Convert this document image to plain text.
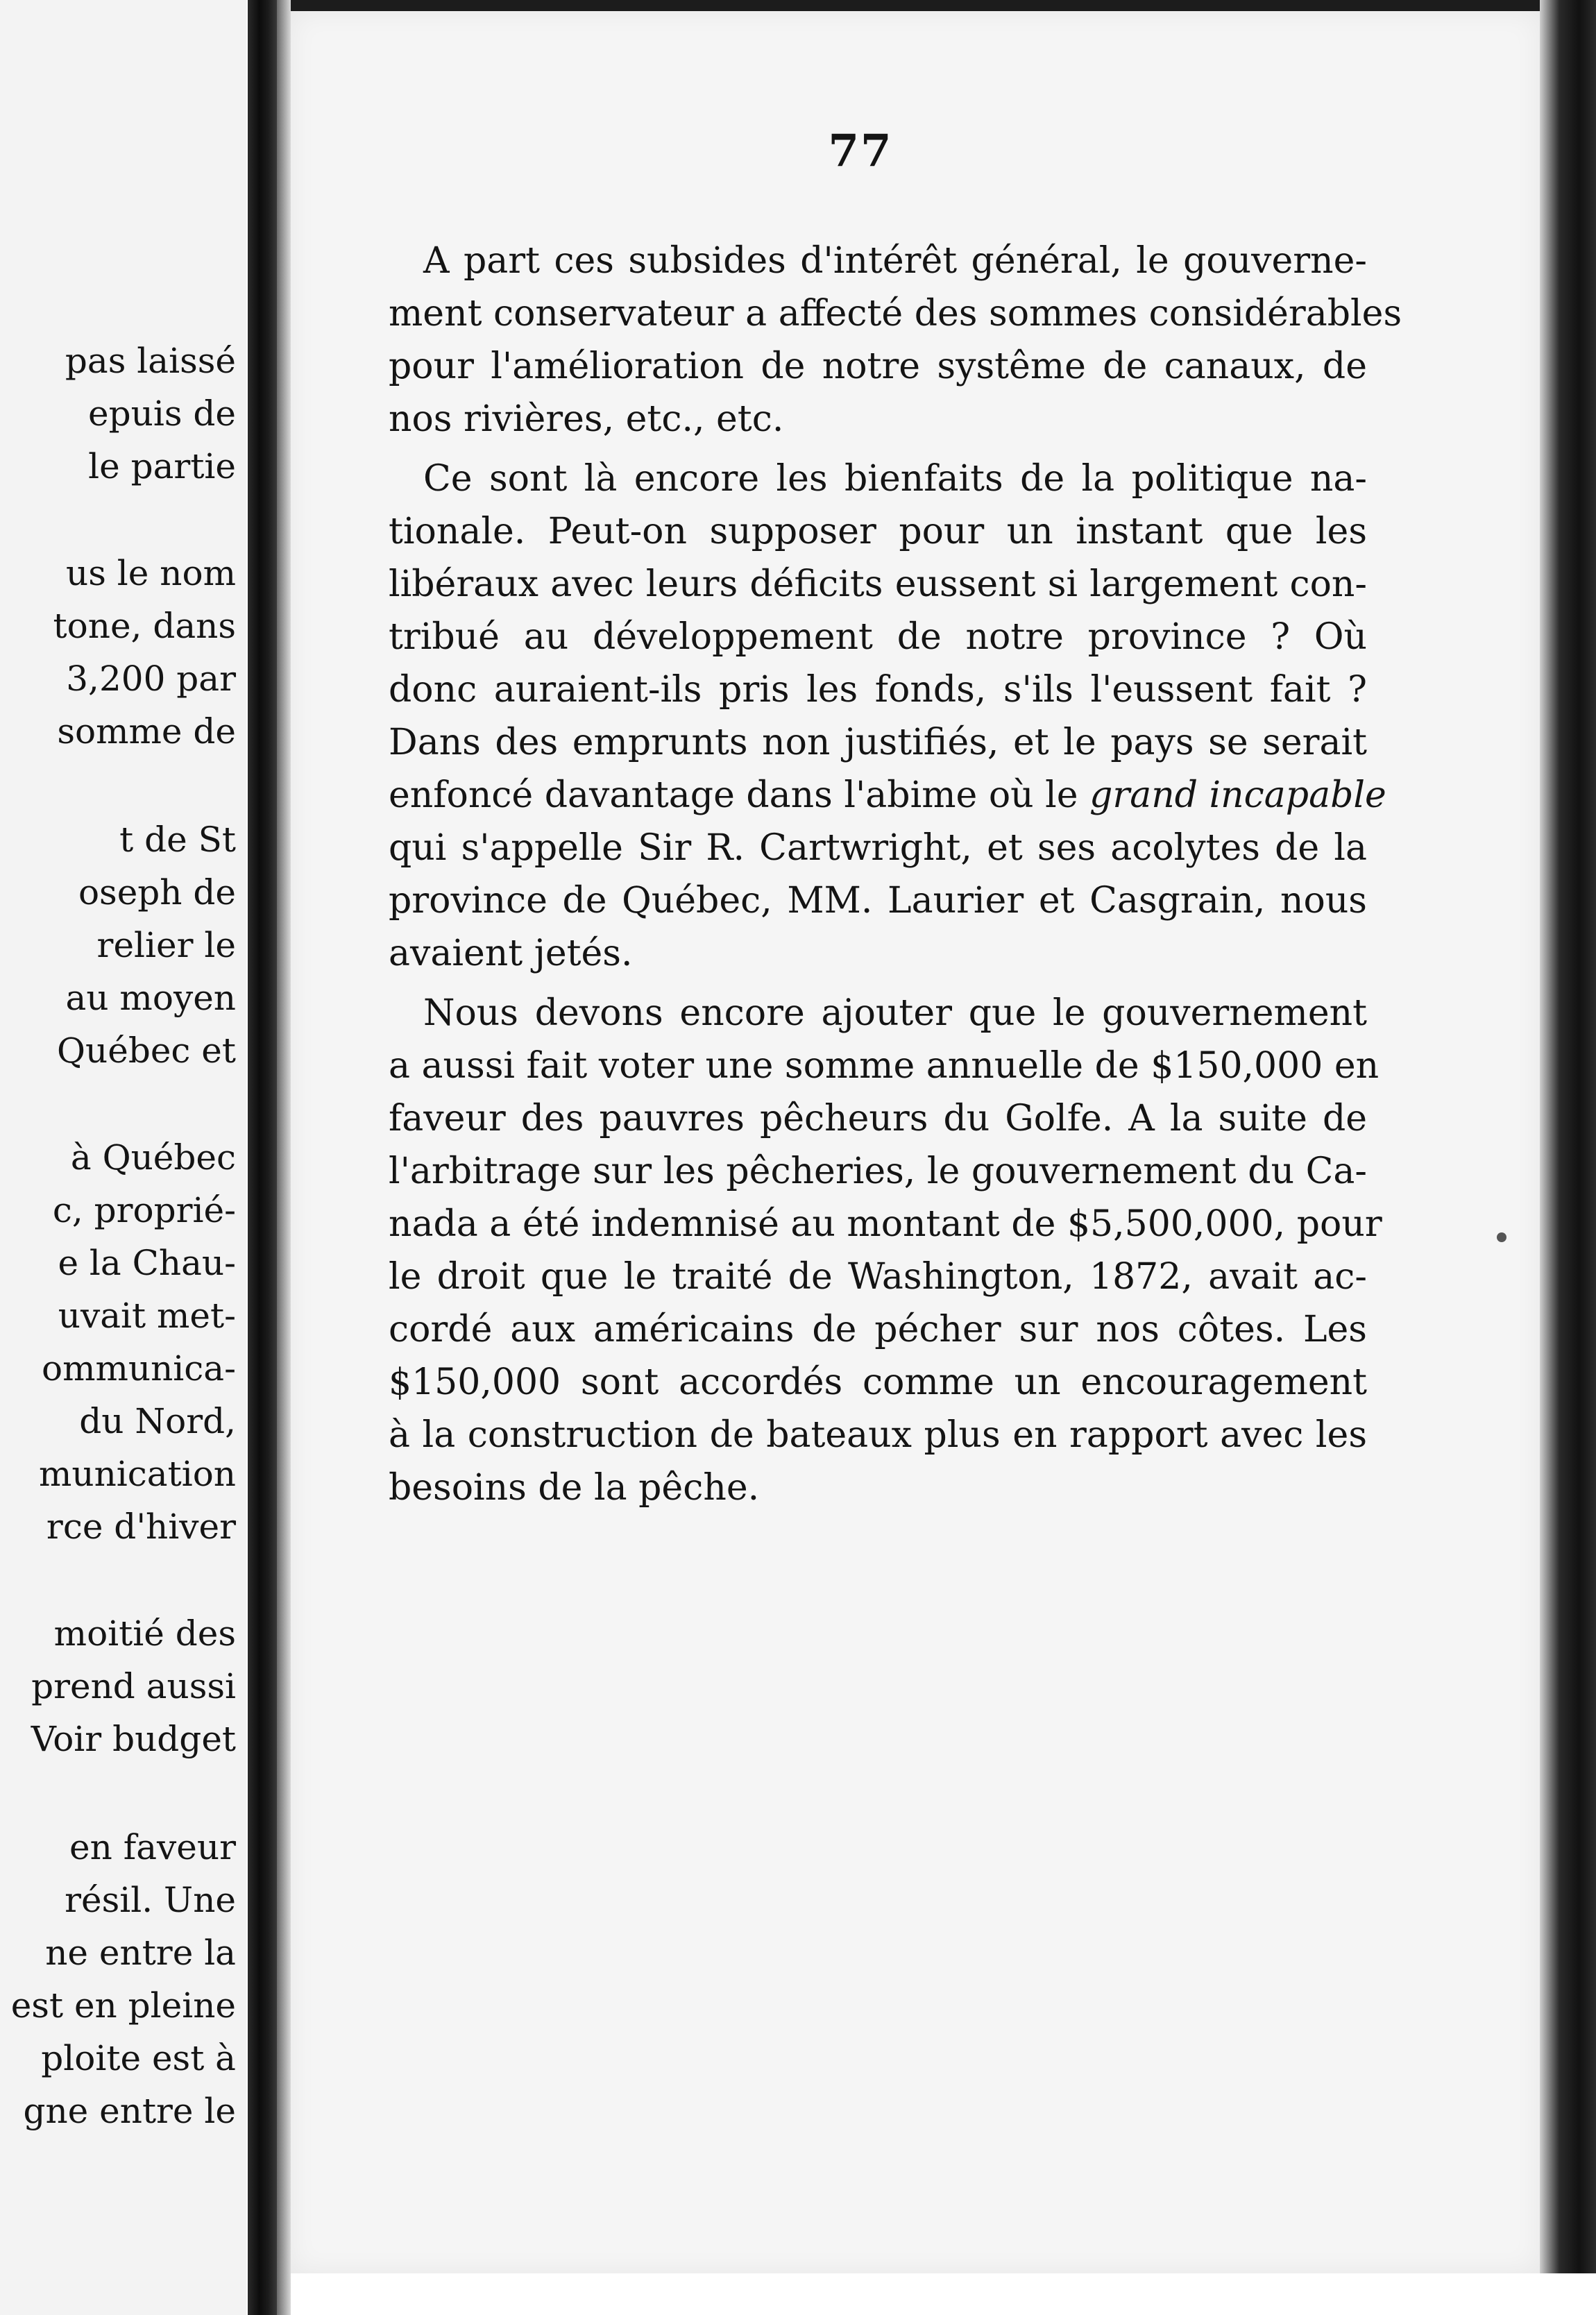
pas laissé
epuis de
le partie
us le nom
tone, dans
3,200 par
somme de
t de St
oseph de
relier le
au moyen
Québec et
à Québec
c, proprié-
e la Chau-
uvait met-
ommunica-
du Nord,
munication
rce d'hiver
moitié des
prend aussi
Voir budget
en faveur
résil. Une
ne entre la
est en pleine
ploite est à
gne entre le
77
A part ces subsides d'intérêt général, le gouverne-
ment conservateur a affecté des sommes considérables
pour l'amélioration de notre systême de canaux, de
nos rivières, etc., etc.
Ce sont là encore les bienfaits de la politique na-
tionale. Peut-on supposer pour un instant que les
libéraux avec leurs déficits eussent si largement con-
tribué au développement de notre province ? Où
donc auraient-ils pris les fonds, s'ils l'eussent fait ?
Dans des emprunts non justifiés, et le pays se serait
enfoncé davantage dans l'abime où le grand incapable
qui s'appelle Sir R. Cartwright, et ses acolytes de la
province de Québec, MM. Laurier et Casgrain, nous
avaient jetés.
Nous devons encore ajouter que le gouvernement
a aussi fait voter une somme annuelle de $150,000 en
faveur des pauvres pêcheurs du Golfe. A la suite de
l'arbitrage sur les pêcheries, le gouvernement du Ca-
nada a été indemnisé au montant de $5,500,000, pour
le droit que le traité de Washington, 1872, avait ac-
cordé aux américains de pécher sur nos côtes. Les
$150,000 sont accordés comme un encouragement
à la construction de bateaux plus en rapport avec les
besoins de la pêche.
